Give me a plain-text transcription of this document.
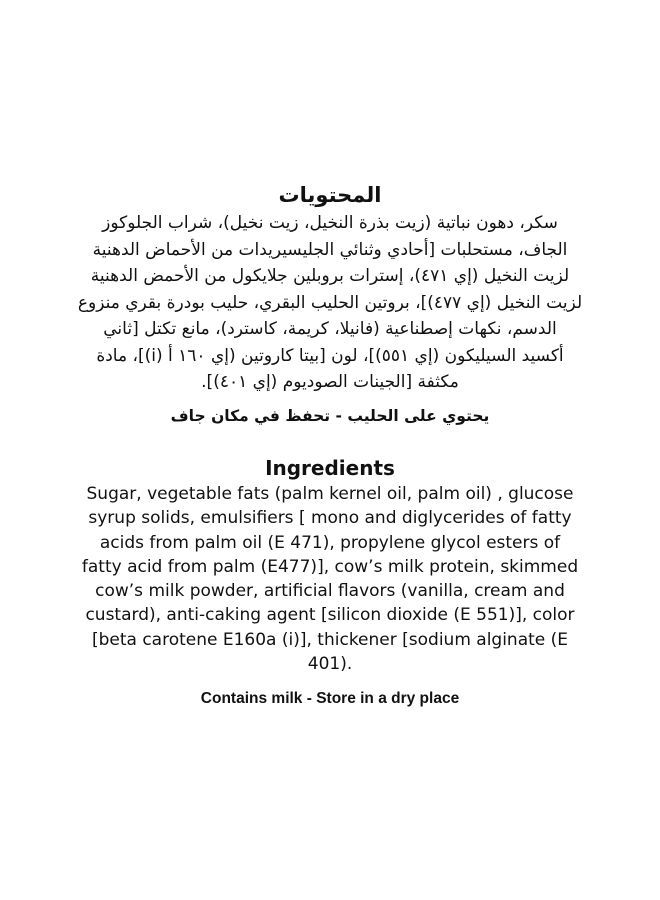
المحتويات
سكر، دهون نباتية (زيت بذرة النخيل، زيت نخيل)، شراب الجلوكوز
الجاف، مستحلبات [أحادي وثنائي الجليسيريدات من الأحماض الدهنية
لزيت النخيل (إي ٤٧١)، إسترات بروبلين جلايكول من الأحمض الدهنية
لزيت النخيل (إي ٤٧٧)]، بروتين الحليب البقري، حليب بودرة بقري منزوع
الدسم، نكهات إصطناعية (فانيلا، كريمة، كاسترد)، مانع تكتل [ثاني
أكسيد السيليكون (إي ٥٥١)]، لون [بيتا كاروتين (إي ١٦٠ أ (i)]، مادة
مكثفة [الجينات الصوديوم (إي ٤٠١)].
يحتوي على الحليب - تحفظ في مكان جاف
Ingredients
Sugar, vegetable fats (palm kernel oil, palm oil) , glucose
syrup solids, emulsifiers [ mono and diglycerides of fatty
acids from palm oil (E 471), propylene glycol esters of
fatty acid from palm (E477)], cow’s milk protein, skimmed
cow’s milk powder, artificial flavors (vanilla, cream and
custard), anti-caking agent [silicon dioxide (E 551)], color
[beta carotene E160a (i)], thickener [sodium alginate (E
401).
Contains milk - Store in a dry place
